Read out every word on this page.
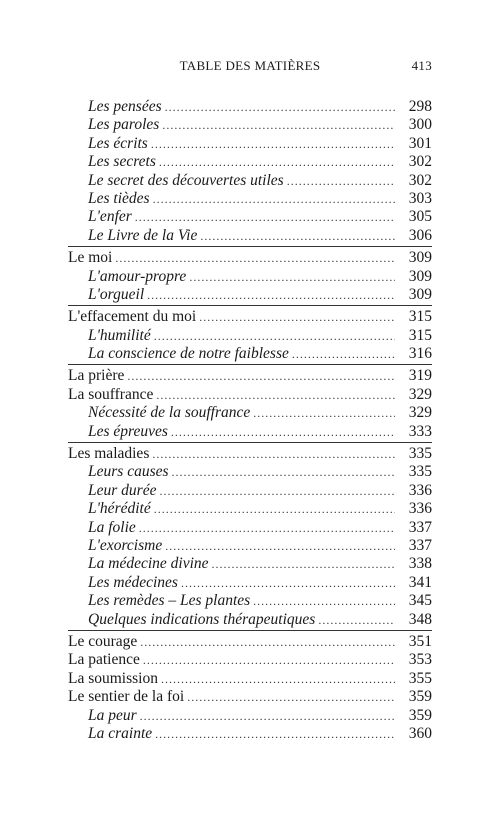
TABLE DES MATIÈRES	413
Les pensées .....	298
Les paroles .....	300
Les écrits .....	301
Les secrets .....	302
Le secret des découvertes utiles .....	302
Les tièdes .....	303
L'enfer .....	305
Le Livre de la Vie .....	306
Le moi .....	309
L'amour-propre .....	309
L'orgueil .....	309
L'effacement du moi .....	315
L'humilité .....	315
La conscience de notre faiblesse .....	316
La prière .....	319
La souffrance .....	329
Nécessité de la souffrance .....	329
Les épreuves .....	333
Les maladies .....	335
Leurs causes .....	335
Leur durée .....	336
L'hérédité .....	336
La folie .....	337
L'exorcisme .....	337
La médecine divine .....	338
Les médecines .....	341
Les remèdes – Les plantes .....	345
Quelques indications thérapeutiques .....	348
Le courage .....	351
La patience .....	353
La soumission .....	355
Le sentier de la foi .....	359
La peur .....	359
La crainte .....	360
